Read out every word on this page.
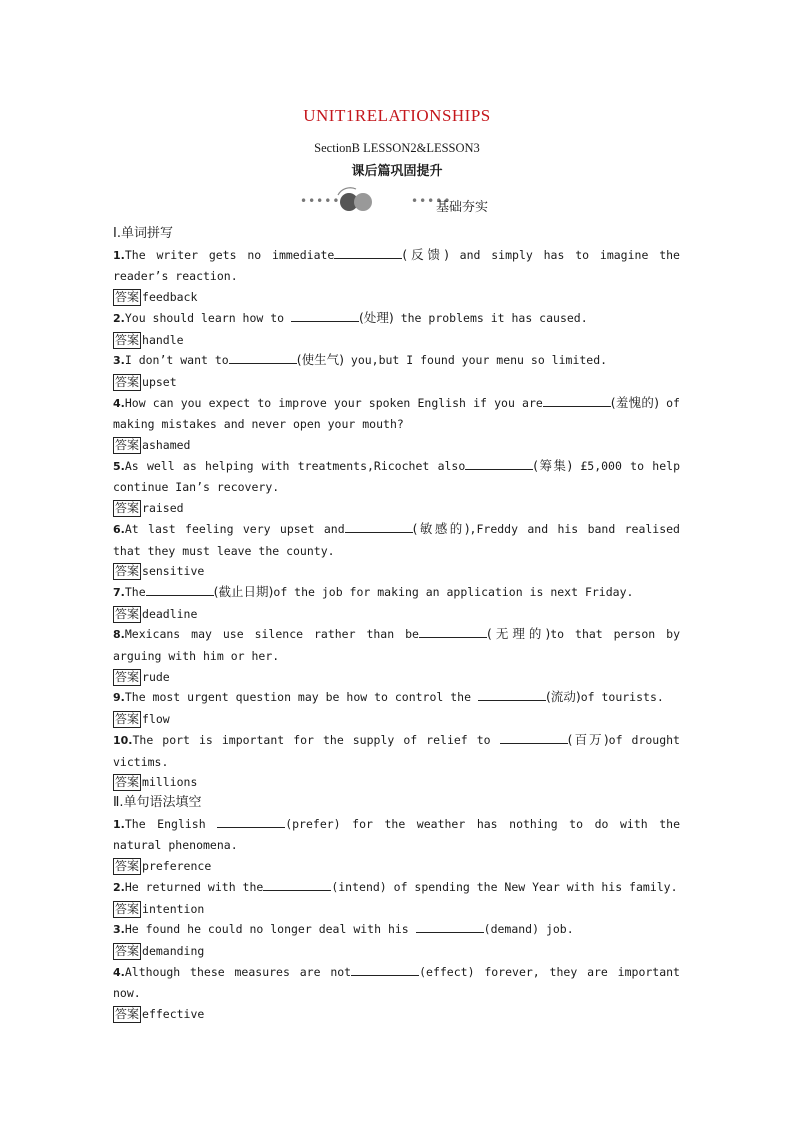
UNIT1RELATIONSHIPS
SectionB LESSON2&LESSON3
课后篇巩固提升
•••••	•••••
基础夯实
Ⅰ.单词拼写
1.The writer gets no immediate	(反馈) and simply has to imagine the reader’s reaction.
答案 feedback
2.You should learn how to	(处理) the problems it has caused.
答案 handle
3.I don’t want to	(使生气) you,but I found your menu so limited.
答案 upset
4.How can you expect to improve your spoken English if you are	(羞愧的) of making mistakes and never open your mouth?
答案 ashamed
5.As well as helping with treatments,Ricochet also	(筹集) £5,000 to help continue Ian’s recovery.
答案 raised
6.At last feeling very upset and	(敏感的),Freddy and his band realised that they must leave the county.
答案 sensitive
7.The	(截止日期)of the job for making an application is next Friday.
答案 deadline
8.Mexicans may use silence rather than be	(无理的)to that person by arguing with him or her.
答案 rude
9.The most urgent question may be how to control the	(流动)of tourists.
答案 flow
10.The port is important for the supply of relief to	(百万)of drought victims.
答案 millions
Ⅱ.单句语法填空
1.The English	(prefer) for the weather has nothing to do with the natural phenomena.
答案 preference
2.He returned with the	(intend) of spending the New Year with his family.
答案 intention
3.He found he could no longer deal with his	(demand) job.
答案 demanding
4.Although these measures are not	(effect) forever, they are important now.
答案 effective
